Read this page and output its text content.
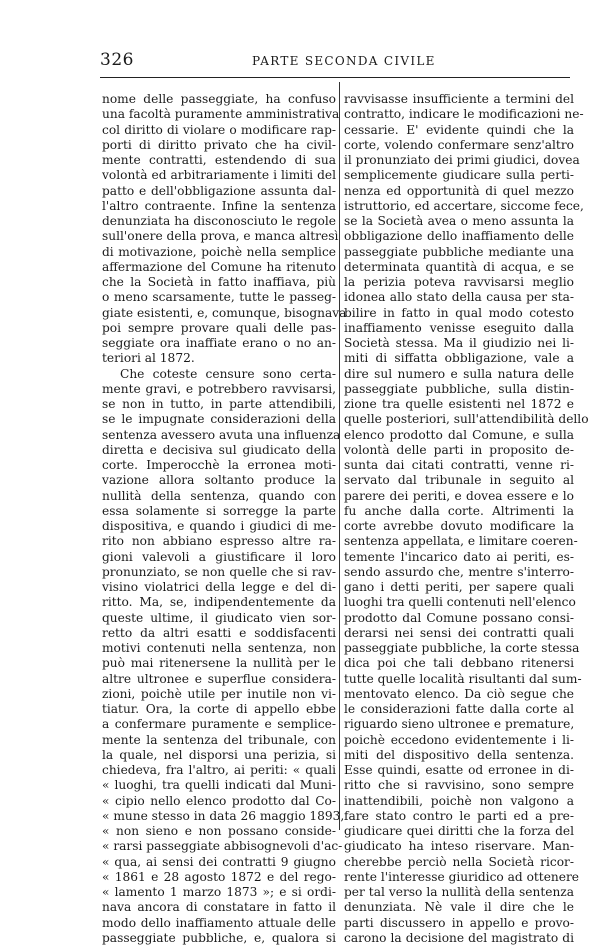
326	PARTE SECONDA CIVILE
nome delle passeggiate, ha confuso
una facoltà puramente amministrativa
col diritto di violare o modificare rap-
porti di diritto privato che ha civil-
mente contratti, estendendo di sua
volontà ed arbitrariamente i limiti del
patto e dell'obbligazione assunta dal-
l'altro contraente. Infine la sentenza
denunziata ha disconosciuto le regole
sull'onere della prova, e manca altresì
di motivazione, poichè nella semplice
affermazione del Comune ha ritenuto
che la Società in fatto inaffiava, più
o meno scarsamente, tutte le passeg-
giate esistenti, e, comunque, bisognava
poi sempre provare quali delle pas-
seggiate ora inaffiate erano o no an-
teriori al 1872.
Che coteste censure sono certa-
mente gravi, e potrebbero ravvisarsi,
se non in tutto, in parte attendibili,
se le impugnate considerazioni della
sentenza avessero avuta una influenza
diretta e decisiva sul giudicato della
corte. Imperocchè la erronea moti-
vazione allora soltanto produce la
nullità della sentenza, quando con
essa solamente si sorregge la parte
dispositiva, e quando i giudici di me-
rito non abbiano espresso altre ra-
gioni valevoli a giustificare il loro
pronunziato, se non quelle che si rav-
visino violatrici della legge e del di-
ritto. Ma, se, indipendentemente da
queste ultime, il giudicato vien sor-
retto da altri esatti e soddisfacenti
motivi contenuti nella sentenza, non
può mai ritenersene la nullità per le
altre ultronee e superflue considera-
zioni, poichè utile per inutile non vi-
tiatur. Ora, la corte di appello ebbe
a confermare puramente e semplice-
mente la sentenza del tribunale, con
la quale, nel disporsi una perizia, si
chiedeva, fra l'altro, ai periti: « quali
« luoghi, tra quelli indicati dal Muni-
« cipio nello elenco prodotto dal Co-
« mune stesso in data 26 maggio 1893,
« non sieno e non possano conside-
« rarsi passeggiate abbisognevoli d'ac-
« qua, ai sensi dei contratti 9 giugno
« 1861 e 28 agosto 1872 e del rego-
« lamento 1 marzo 1873 »; e si ordi-
nava ancora di constatare in fatto il
modo dello inaffiamento attuale delle
passeggiate pubbliche, e, qualora si
ravvisasse insufficiente a termini del
contratto, indicare le modificazioni ne-
cessarie. E' evidente quindi che la
corte, volendo confermare senz'altro
il pronunziato dei primi giudici, dovea
semplicemente giudicare sulla perti-
nenza ed opportunità di quel mezzo
istruttorio, ed accertare, siccome fece,
se la Società avea o meno assunta la
obbligazione dello inaffiamento delle
passeggiate pubbliche mediante una
determinata quantità di acqua, e se
la perizia poteva ravvisarsi meglio
idonea allo stato della causa per sta-
bilire in fatto in qual modo cotesto
inaffiamento venisse eseguito dalla
Società stessa. Ma il giudizio nei li-
miti di siffatta obbligazione, vale a
dire sul numero e sulla natura delle
passeggiate pubbliche, sulla distin-
zione tra quelle esistenti nel 1872 e
quelle posteriori, sull'attendibilità dello
elenco prodotto dal Comune, e sulla
volontà delle parti in proposito de-
sunta dai citati contratti, venne ri-
servato dal tribunale in seguito al
parere dei periti, e dovea essere e lo
fu anche dalla corte. Altrimenti la
corte avrebbe dovuto modificare la
sentenza appellata, e limitare coeren-
temente l'incarico dato ai periti, es-
sendo assurdo che, mentre s'interro-
gano i detti periti, per sapere quali
luoghi tra quelli contenuti nell'elenco
prodotto dal Comune possano consi-
derarsi nei sensi dei contratti quali
passeggiate pubbliche, la corte stessa
dica poi che tali debbano ritenersi
tutte quelle località risultanti dal sum-
mentovato elenco. Da ciò segue che
le considerazioni fatte dalla corte al
riguardo sieno ultronee e premature,
poichè eccedono evidentemente i li-
miti del dispositivo della sentenza.
Esse quindi, esatte od erronee in di-
ritto che si ravvisino, sono sempre
inattendibili, poichè non valgono a
fare stato contro le parti ed a pre-
giudicare quei diritti che la forza del
giudicato ha inteso riservare. Man-
cherebbe perciò nella Società ricor-
rente l'interesse giuridico ad ottenere
per tal verso la nullità della sentenza
denunziata. Nè vale il dire che le
parti discussero in appello e provo-
carono la decisione del magistrato di
